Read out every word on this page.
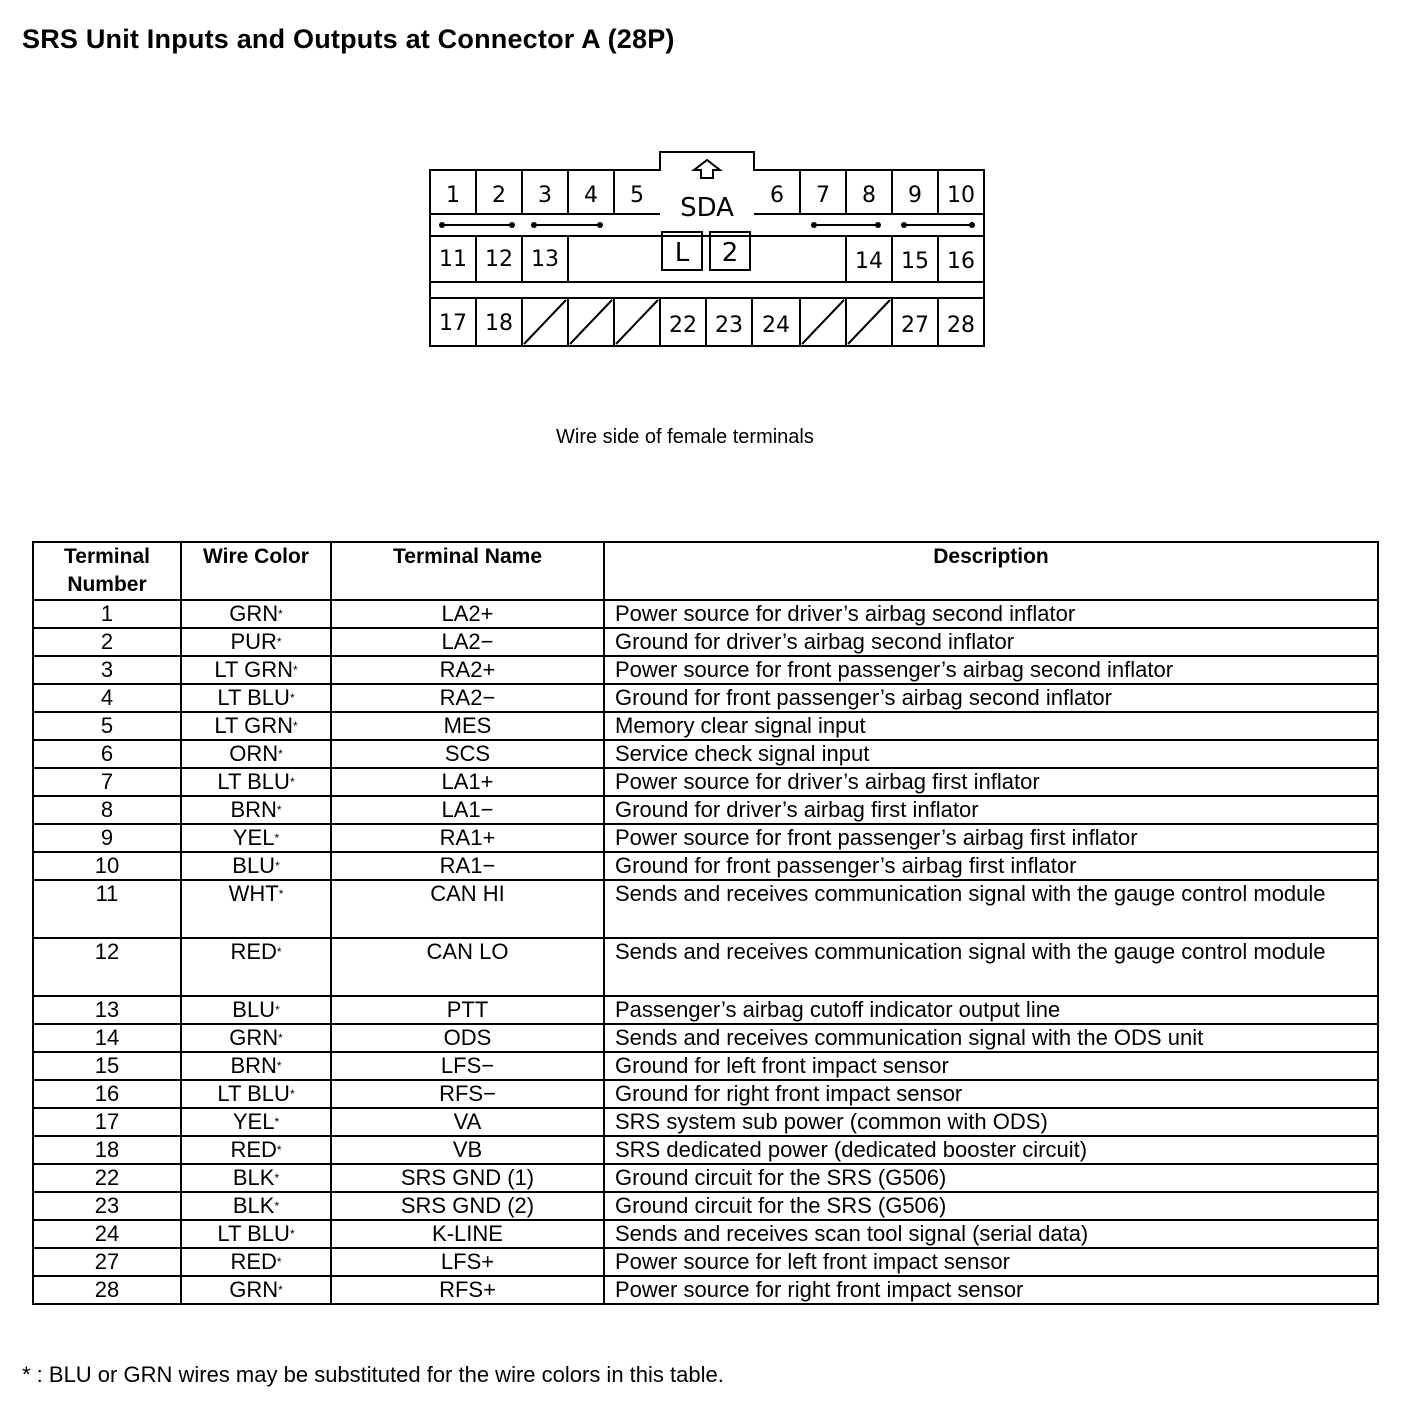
SRS Unit Inputs and Outputs at Connector A (28P)
1 2 3 4 5	6 7 8 9 10
SDA
11 12 13	L 2	14 15 16
17 18	22 23 24	27 28
Wire side of female terminals
Terminal Number	Wire Color	Terminal Name	Description
1	GRN*	LA2+	Power source for driver’s airbag second inflator
2	PUR*	LA2−	Ground for driver’s airbag second inflator
3	LT GRN*	RA2+	Power source for front passenger’s airbag second inflator
4	LT BLU*	RA2−	Ground for front passenger’s airbag second inflator
5	LT GRN*	MES	Memory clear signal input
6	ORN*	SCS	Service check signal input
7	LT BLU*	LA1+	Power source for driver’s airbag first inflator
8	BRN*	LA1−	Ground for driver’s airbag first inflator
9	YEL*	RA1+	Power source for front passenger’s airbag first inflator
10	BLU*	RA1−	Ground for front passenger’s airbag first inflator
11	WHT*	CAN HI	Sends and receives communication signal with the gauge control module
12	RED*	CAN LO	Sends and receives communication signal with the gauge control module
13	BLU*	PTT	Passenger’s airbag cutoff indicator output line
14	GRN*	ODS	Sends and receives communication signal with the ODS unit
15	BRN*	LFS−	Ground for left front impact sensor
16	LT BLU*	RFS−	Ground for right front impact sensor
17	YEL*	VA	SRS system sub power (common with ODS)
18	RED*	VB	SRS dedicated power (dedicated booster circuit)
22	BLK*	SRS GND (1)	Ground circuit for the SRS (G506)
23	BLK*	SRS GND (2)	Ground circuit for the SRS (G506)
24	LT BLU*	K-LINE	Sends and receives scan tool signal (serial data)
27	RED*	LFS+	Power source for left front impact sensor
28	GRN*	RFS+	Power source for right front impact sensor
* : BLU or GRN wires may be substituted for the wire colors in this table.
